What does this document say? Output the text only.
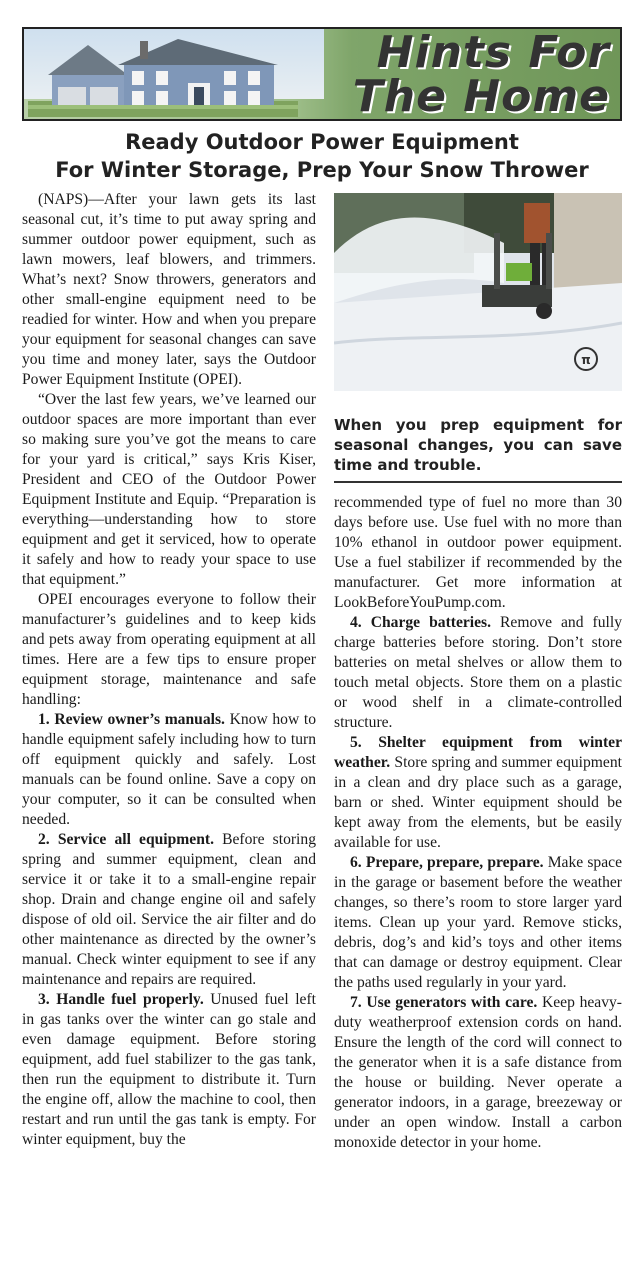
Hints For
The Home
Ready Outdoor Power Equipment
For Winter Storage, Prep Your Snow Thrower

(NAPS)—After your lawn gets its last seasonal cut, it’s time to put away spring and summer outdoor power equipment, such as lawn mowers, leaf blowers, and trimmers. What’s next? Snow throwers, generators and other small-engine equipment need to be readied for winter. How and when you prepare your equipment for seasonal changes can save you time and money later, says the Outdoor Power Equipment Institute (OPEI).

“Over the last few years, we’ve learned our outdoor spaces are more important than ever so making sure you’ve got the means to care for your yard is critical,” says Kris Kiser, President and CEO of the Outdoor Power Equipment Institute and Equip. “Preparation is everything—understanding how to store equipment and get it serviced, how to operate it safely and how to ready your space to use that equipment.”

OPEI encourages everyone to follow their manufacturer’s guidelines and to keep kids and pets away from operating equipment at all times. Here are a few tips to ensure proper equipment storage, maintenance and safe handling:

1. Review owner’s manuals. Know how to handle equipment safely including how to turn off equipment quickly and safely. Lost manuals can be found online. Save a copy on your computer, so it can be consulted when needed.

2. Service all equipment. Before storing spring and summer equipment, clean and service it or take it to a small-engine repair shop. Drain and change engine oil and safely dispose of old oil. Service the air filter and do other maintenance as directed by the owner’s manual. Check winter equipment to see if any maintenance and repairs are required.

3. Handle fuel properly. Unused fuel left in gas tanks over the winter can go stale and even damage equipment. Before storing equipment, add fuel stabilizer to the gas tank, then run the equipment to distribute it. Turn the engine off, allow the machine to cool, then restart and run until the gas tank is empty. For winter equipment, buy the

π
When you prep equipment for seasonal changes, you can save time and trouble.

recommended type of fuel no more than 30 days before use. Use fuel with no more than 10% ethanol in outdoor power equipment. Use a fuel stabilizer if recommended by the manufacturer. Get more information at LookBeforeYouPump.com.

4. Charge batteries. Remove and fully charge batteries before storing. Don’t store batteries on metal shelves or allow them to touch metal objects. Store them on a plastic or wood shelf in a climate-controlled structure.

5. Shelter equipment from winter weather. Store spring and summer equipment in a clean and dry place such as a garage, barn or shed. Winter equipment should be kept away from the elements, but be easily available for use.

6. Prepare, prepare, prepare. Make space in the garage or basement before the weather changes, so there’s room to store larger yard items. Clean up your yard. Remove sticks, debris, dog’s and kid’s toys and other items that can damage or destroy equipment. Clear the paths used regularly in your yard.

7. Use generators with care. Keep heavy-duty weatherproof extension cords on hand. Ensure the length of the cord will connect to the generator when it is a safe distance from the house or building. Never operate a generator indoors, in a garage, breezeway or under an open window. Install a carbon monoxide detector in your home.
